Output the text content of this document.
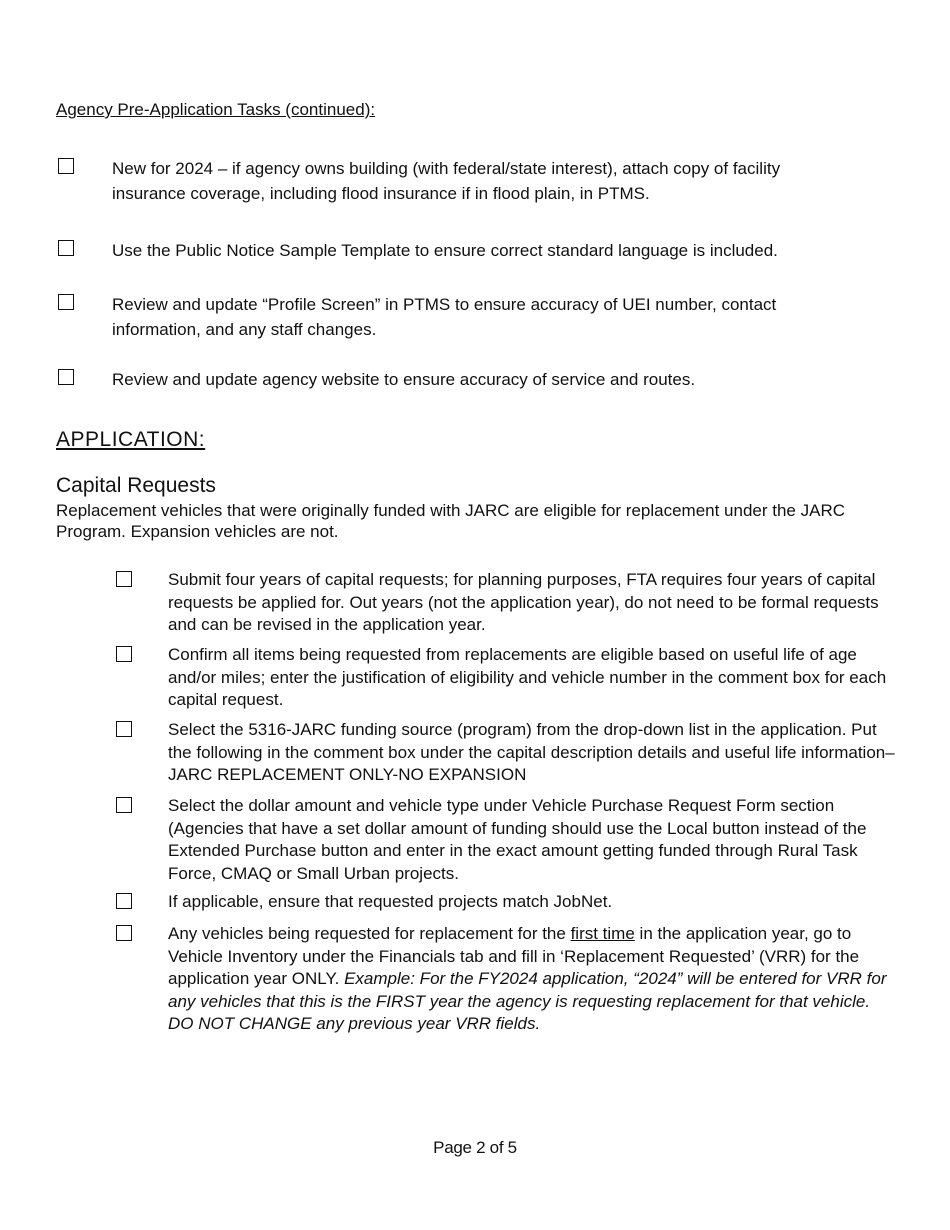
Agency Pre-Application Tasks (continued):
New for 2024 – if agency owns building (with federal/state interest), attach copy of facility insurance coverage, including flood insurance if in flood plain, in PTMS.
Use the Public Notice Sample Template to ensure correct standard language is included.
Review and update “Profile Screen” in PTMS to ensure accuracy of UEI number, contact information, and any staff changes.
Review and update agency website to ensure accuracy of service and routes.
APPLICATION:
Capital Requests
Replacement vehicles that were originally funded with JARC are eligible for replacement under the JARC Program. Expansion vehicles are not.
Submit four years of capital requests; for planning purposes, FTA requires four years of capital requests be applied for. Out years (not the application year), do not need to be formal requests and can be revised in the application year.
Confirm all items being requested from replacements are eligible based on useful life of age and/or miles; enter the justification of eligibility and vehicle number in the comment box for each capital request.
Select the 5316-JARC funding source (program) from the drop-down list in the application. Put the following in the comment box under the capital description details and useful life information– JARC REPLACEMENT ONLY-NO EXPANSION
Select the dollar amount and vehicle type under Vehicle Purchase Request Form section (Agencies that have a set dollar amount of funding should use the Local button instead of the Extended Purchase button and enter in the exact amount getting funded through Rural Task Force, CMAQ or Small Urban projects.
If applicable, ensure that requested projects match JobNet.
Any vehicles being requested for replacement for the first time in the application year, go to Vehicle Inventory under the Financials tab and fill in ‘Replacement Requested’ (VRR) for the application year ONLY. Example: For the FY2024 application, “2024” will be entered for VRR for any vehicles that this is the FIRST year the agency is requesting replacement for that vehicle. DO NOT CHANGE any previous year VRR fields.
Page 2 of 5
